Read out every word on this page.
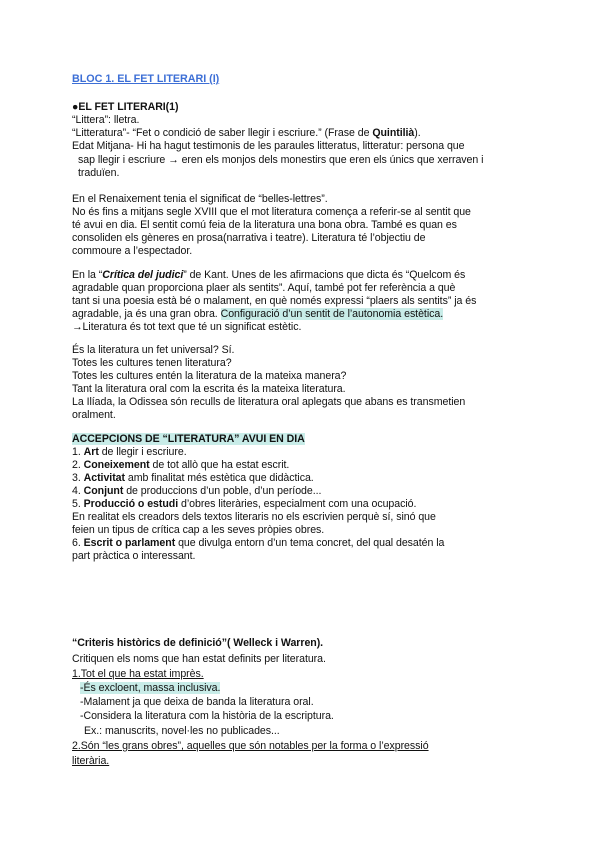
BLOC 1. EL FET LITERARI (I)
●EL FET LITERARI(1)
“Littera”: lletra.
“Litteratura”- “Fet o condició de saber llegir i escriure.” (Frase de Quintilià).
Edat Mitjana- Hi ha hagut testimonis de les paraules litteratus, litteratur: persona que
sap llegir i escriure → eren els monjos dels monestirs que eren els únics que xerraven i
traduïen.
En el Renaixement tenia el significat de “belles-lettres”.
No és fins a mitjans segle XVIII que el mot literatura comença a referir-se al sentit que
té avui en dia. El sentit comú feia de la literatura una bona obra. També es quan es
consoliden els gèneres en prosa(narrativa i teatre). Literatura té l’objectiu de
commoure a l’espectador.
En la “Crítica del judici” de Kant. Unes de les afirmacions que dicta és “Quelcom és
agradable quan proporciona plaer als sentits”. Aquí, també pot fer referència a què
tant si una poesia està bé o malament, en què només expressi “plaers als sentits” ja és
agradable, ja és una gran obra. Configuració d’un sentit de l’autonomia estètica.
→Literatura és tot text que té un significat estètic.
És la literatura un fet universal? Sí.
Totes les cultures tenen literatura?
Totes les cultures entén la literatura de la mateixa manera?
Tant la literatura oral com la escrita és la mateixa literatura.
La Ilíada, la Odissea són reculls de literatura oral aplegats que abans es transmetien
oralment.
ACCEPCIONS DE “LITERATURA” AVUI EN DIA
1. Art de llegir i escriure.
2. Coneixement de tot allò que ha estat escrit.
3. Activitat amb finalitat més estètica que didàctica.
4. Conjunt de produccions d’un poble, d’un període...
5. Producció o estudi d’obres literàries, especialment com una ocupació.
En realitat els creadors dels textos literaris no els escrivien perquè sí, sinó que
feien un tipus de crítica cap a les seves pròpies obres.
6. Escrit o parlament que divulga entorn d’un tema concret, del qual desatén la
part pràctica o interessant.
“Criteris històrics de definició”( Welleck i Warren).
Critiquen els noms que han estat definits per literatura.
1.Tot el que ha estat imprès.
-És excloent, massa inclusiva.
-Malament ja que deixa de banda la literatura oral.
-Considera la literatura com la història de la escriptura.
Ex.: manuscrits, novel·les no publicades...
2.Són “les grans obres”, aquelles que són notables per la forma o l’expressió
literària.
